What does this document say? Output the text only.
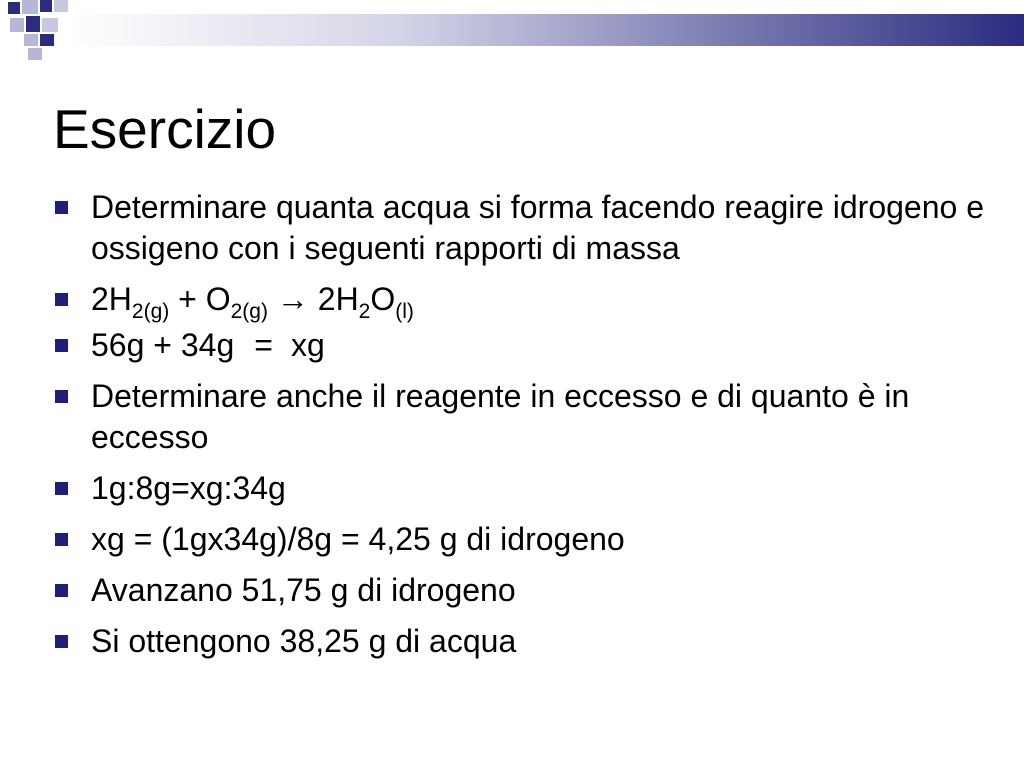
Esercizio
Determinare quanta acqua si forma facendo reagire idrogeno e ossigeno con i seguenti rapporti di massa
$2H_{2(g)} + O_{2(g)} \to 2H_2O_{(l)}$
56g + 34g = xg
Determinare anche il reagente in eccesso e di quanto è in eccesso
1g:8g=xg:34g
xg = (1gx34g)/8g = 4,25 g di idrogeno
Avanzano 51,75 g di idrogeno
Si ottengono 38,25 g di acqua
